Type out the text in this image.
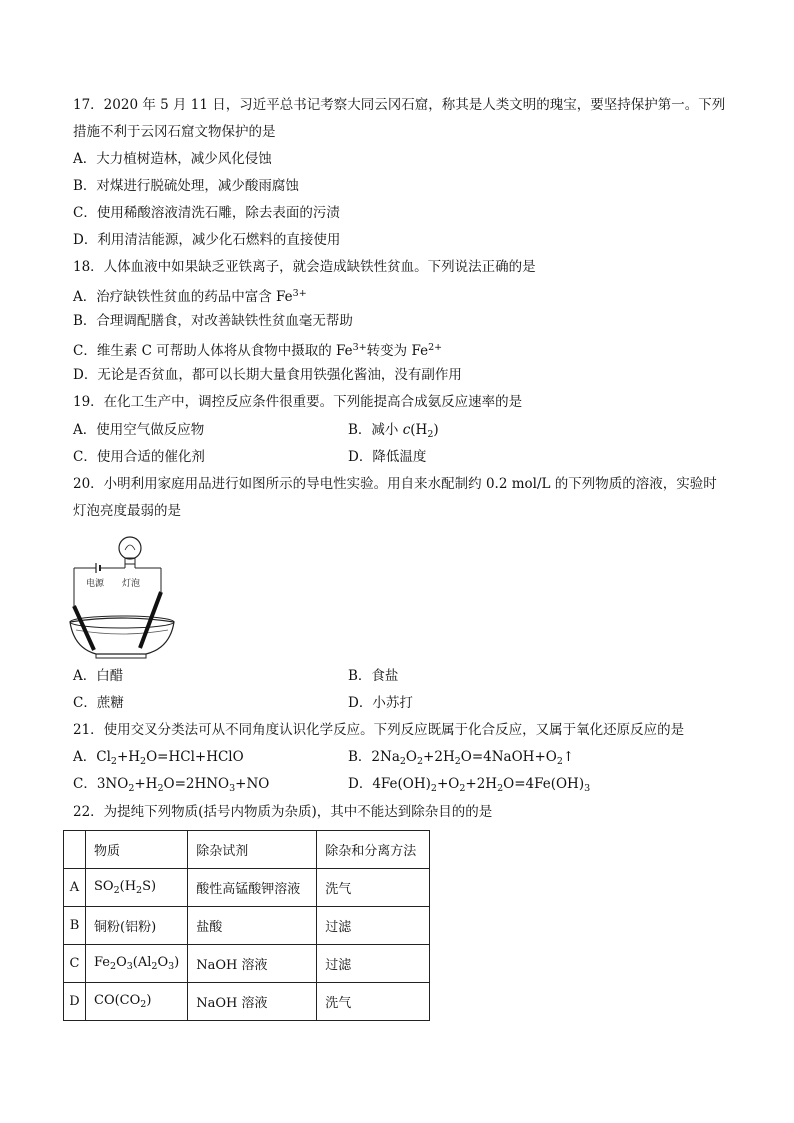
17．2020 年 5 月 11 日，习近平总书记考察大同云冈石窟，称其是人类文明的瑰宝，要坚持保护第一。下列
措施不利于云冈石窟文物保护的是
A．大力植树造林，减少风化侵蚀
B．对煤进行脱硫处理，减少酸雨腐蚀
C．使用稀酸溶液清洗石雕，除去表面的污渍
D．利用清洁能源，减少化石燃料的直接使用
18．人体血液中如果缺乏亚铁离子，就会造成缺铁性贫血。下列说法正确的是
A．治疗缺铁性贫血的药品中富含 $Fe^{3+}$
B．合理调配膳食，对改善缺铁性贫血毫无帮助
C．维生素 C 可帮助人体将从食物中摄取的 $Fe^{3+}$转变为 $Fe^{2+}$
D．无论是否贫血，都可以长期大量食用铁强化酱油，没有副作用
19．在化工生产中，调控反应条件很重要。下列能提高合成氨反应速率的是
A．使用空气做反应物	B．减小 $c(H_2)$
C．使用合适的催化剂	D．降低温度
20．小明利用家庭用品进行如图所示的导电性实验。用自来水配制约 0.2 mol/L 的下列物质的溶液，实验时
灯泡亮度最弱的是
电源 灯泡
A．白醋	B．食盐
C．蔗糖	D．小苏打
21．使用交叉分类法可从不同角度认识化学反应。下列反应既属于化合反应，又属于氧化还原反应的是
A．$Cl_2+H_2O=HCl+HClO$	B．$2Na_2O_2+2H_2O=4NaOH+O_2↑$
C．$3NO_2+H_2O=2HNO_3+NO$	D．$4Fe(OH)_2+O_2+2H_2O=4Fe(OH)_3$
22．为提纯下列物质(括号内物质为杂质)，其中不能达到除杂目的的是
	物质	除杂试剂	除杂和分离方法
A	$SO_2(H_2S)$	酸性高锰酸钾溶液	洗气
B	铜粉(铝粉)	盐酸	过滤
C	$Fe_2O_3(Al_2O_3)$	NaOH 溶液	过滤
D	$CO(CO_2)$	NaOH 溶液	洗气
